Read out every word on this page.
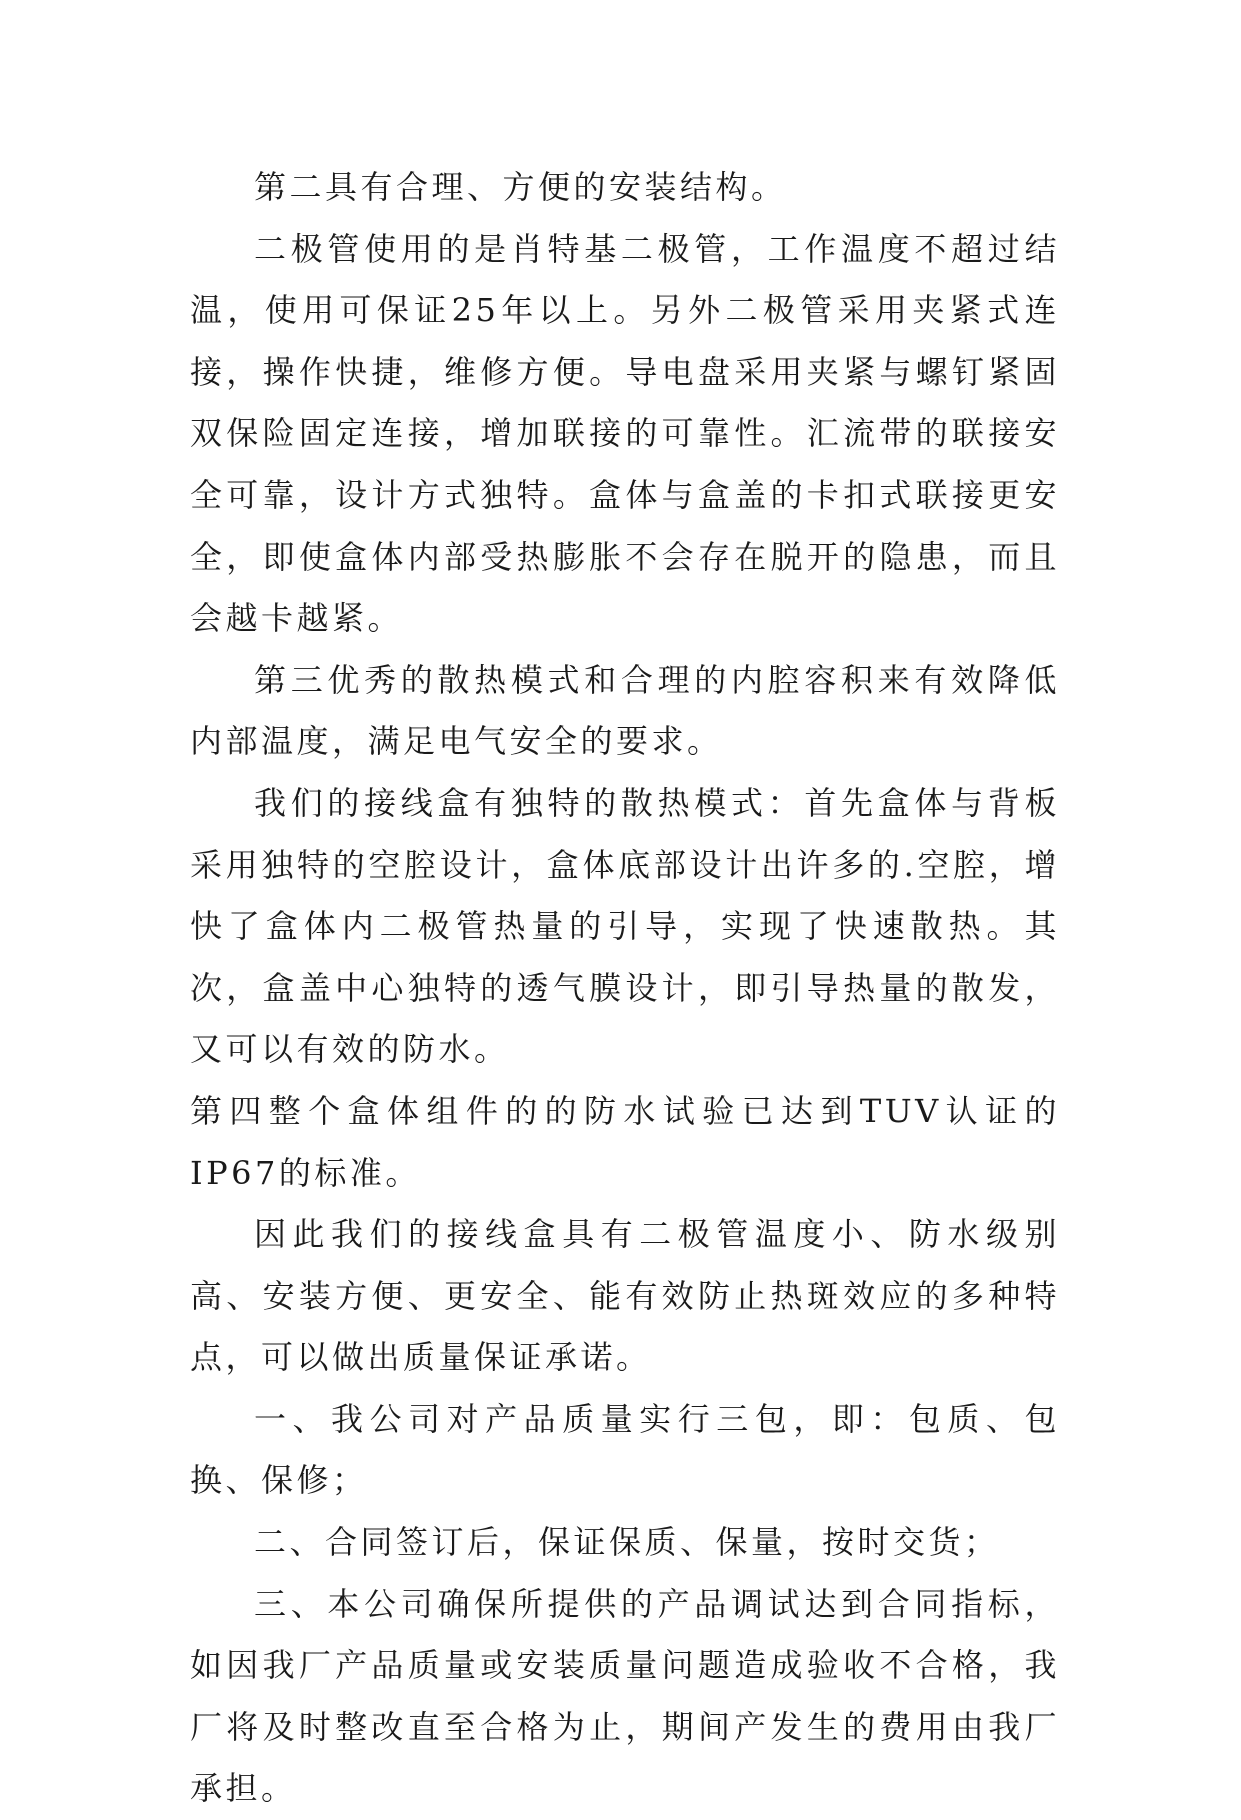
第二具有合理、方便的安装结构。

二极管使用的是肖特基二极管，工作温度不超过结温，使用可保证25年以上。另外二极管采用夹紧式连接，操作快捷，维修方便。导电盘采用夹紧与螺钉紧固双保险固定连接，增加联接的可靠性。汇流带的联接安全可靠，设计方式独特。盒体与盒盖的卡扣式联接更安全，即使盒体内部受热膨胀不会存在脱开的隐患，而且会越卡越紧。

第三优秀的散热模式和合理的内腔容积来有效降低内部温度，满足电气安全的要求。

我们的接线盒有独特的散热模式：首先盒体与背板采用独特的空腔设计，盒体底部设计出许多的.空腔，增快了盒体内二极管热量的引导，实现了快速散热。其次，盒盖中心独特的透气膜设计，即引导热量的散发，又可以有效的防水。

第四整个盒体组件的的防水试验已达到TUV认证的IP67的标准。

因此我们的接线盒具有二极管温度小、防水级别高、安装方便、更安全、能有效防止热斑效应的多种特点，可以做出质量保证承诺。

一、我公司对产品质量实行三包，即：包质、包换、保修；

二、合同签订后，保证保质、保量，按时交货；

三、本公司确保所提供的产品调试达到合同指标，如因我厂产品质量或安装质量问题造成验收不合格，我厂将及时整改直至合格为止，期间产发生的费用由我厂承担。
